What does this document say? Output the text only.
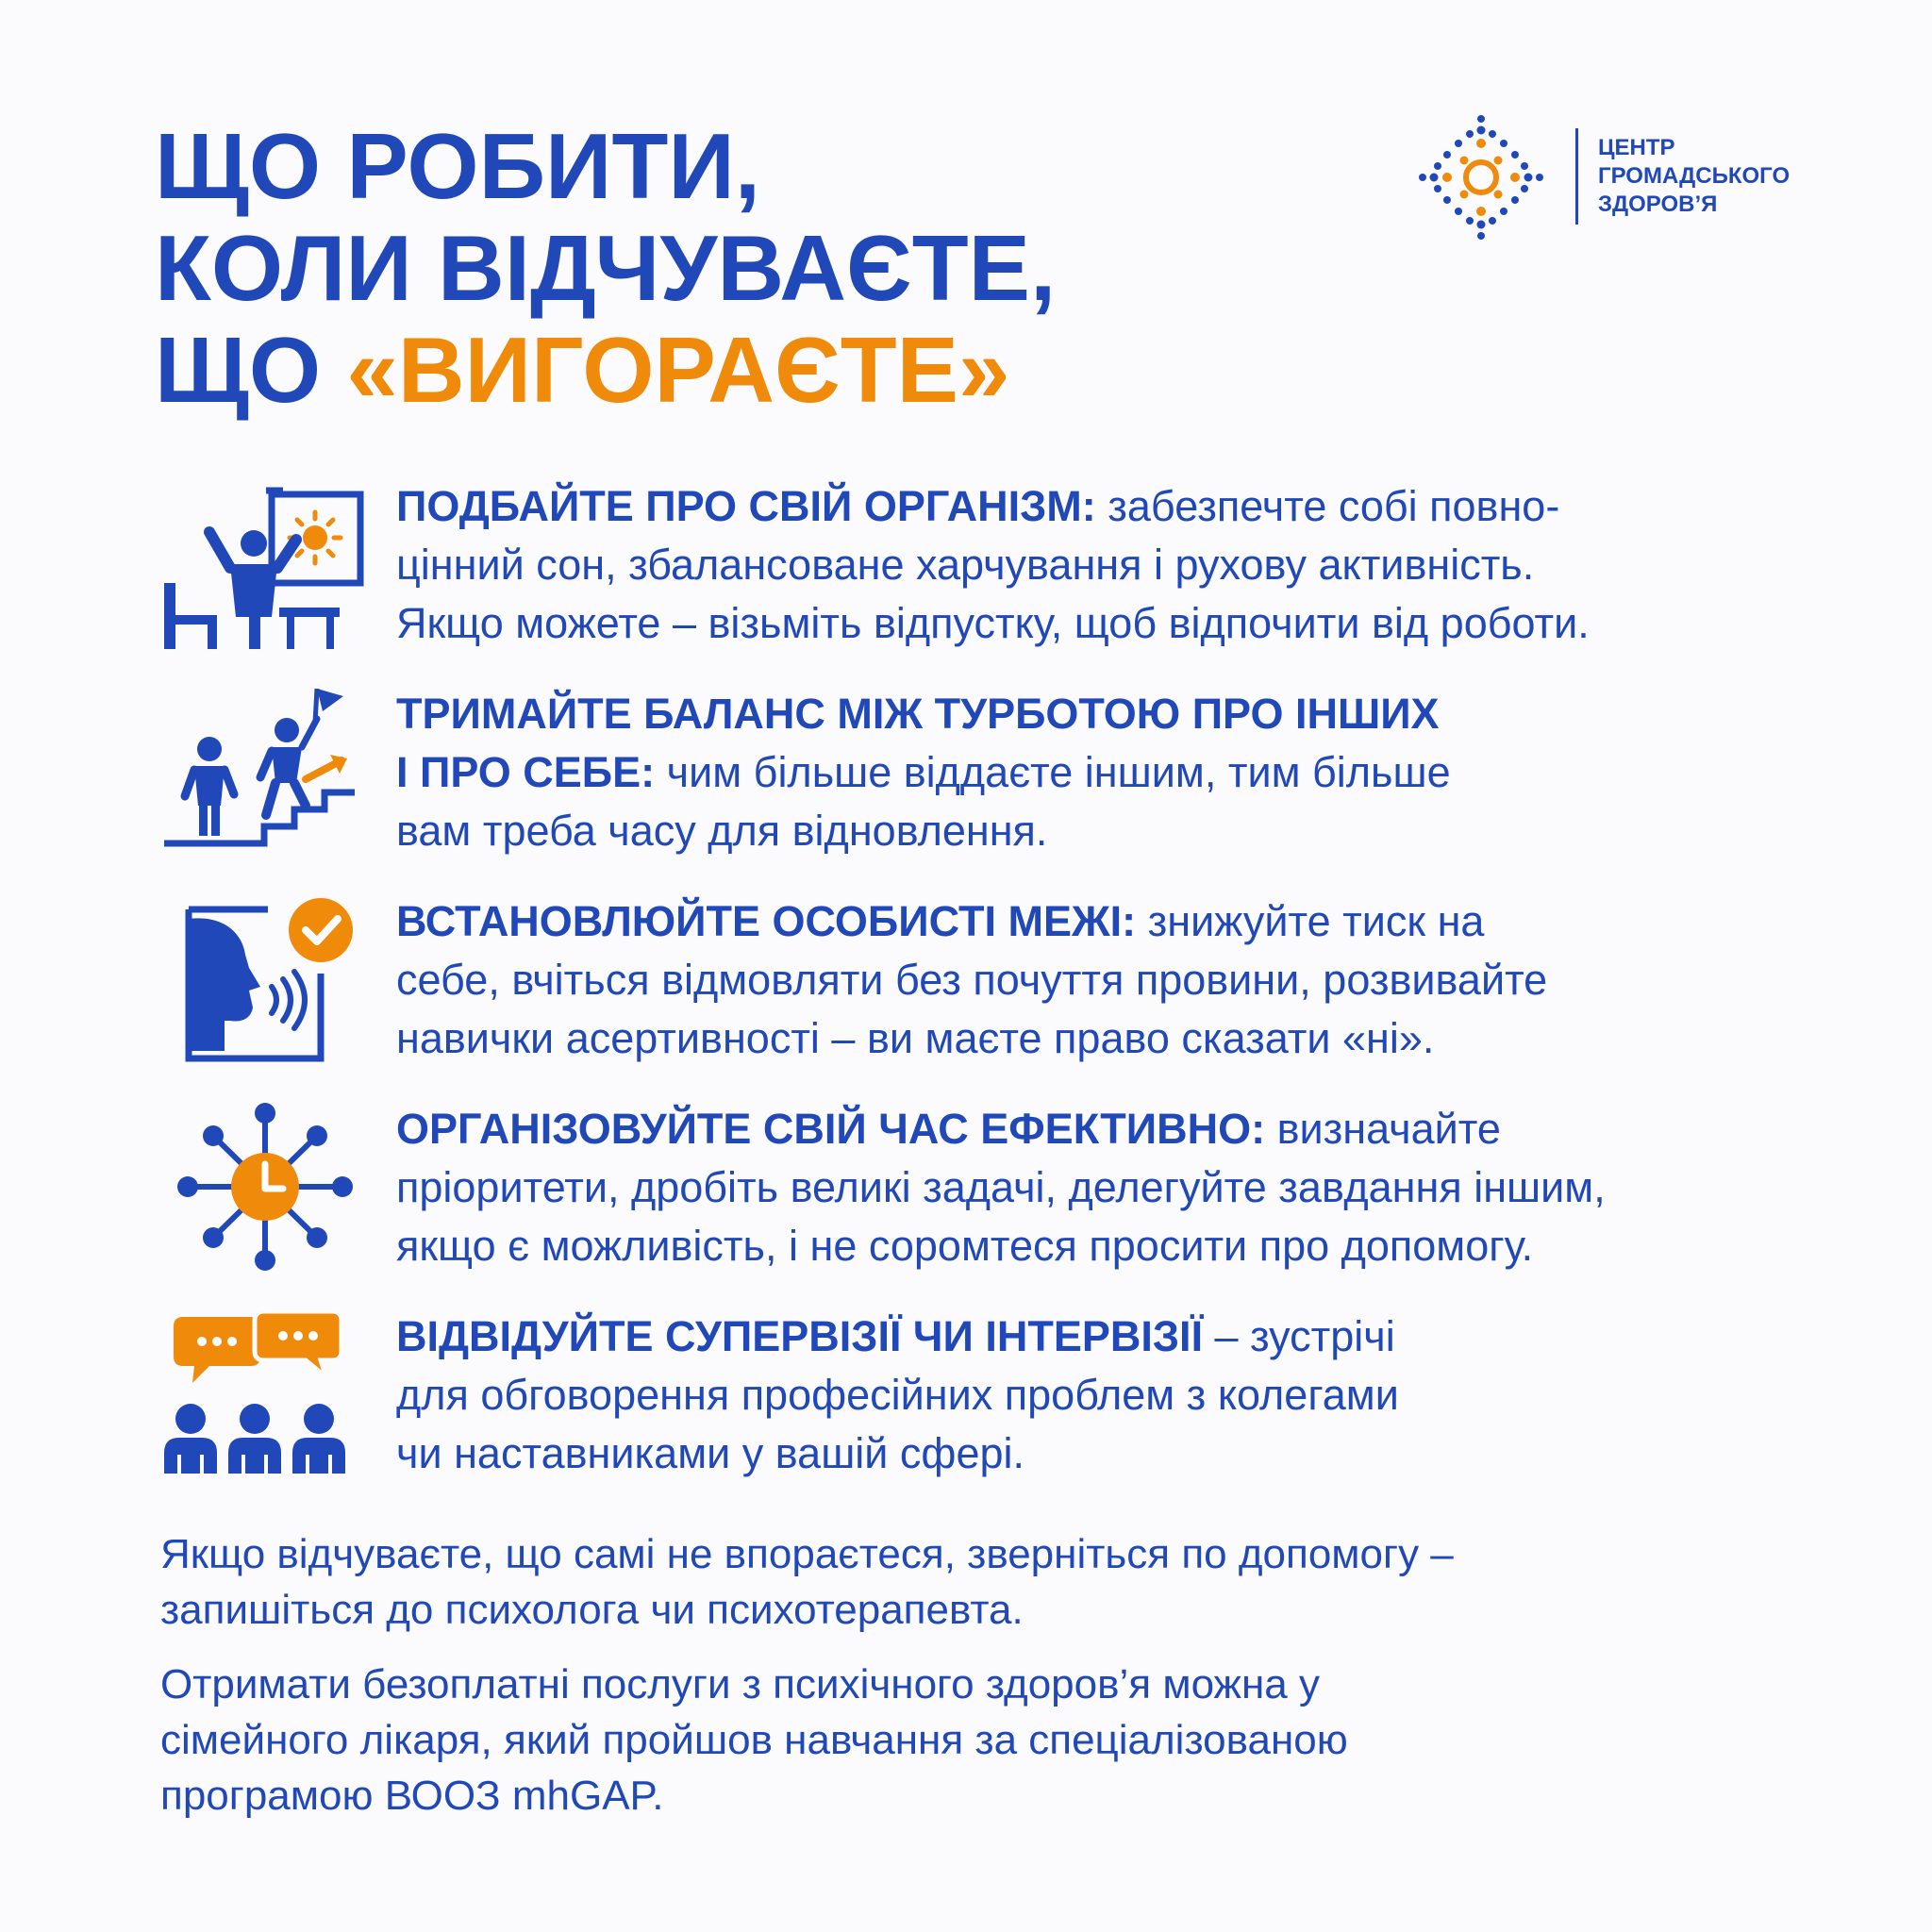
ЩО РОБИТИ,
КОЛИ ВІДЧУВАЄТЕ,
ЩО «ВИГОРАЄТЕ»
ЦЕНТР
ГРОМАДСЬКОГО
ЗДОРОВ’Я
ПОДБАЙТЕ ПРО СВІЙ ОРГАНІЗМ: забезпечте собі повно-
цінний сон, збалансоване харчування і рухову активність.
Якщо можете – візьміть відпустку, щоб відпочити від роботи.
ТРИМАЙТЕ БАЛАНС МІЖ ТУРБОТОЮ ПРО ІНШИХ
І ПРО СЕБЕ: чим більше віддаєте іншим, тим більше
вам треба часу для відновлення.
ВСТАНОВЛЮЙТЕ ОСОБИСТІ МЕЖІ: знижуйте тиск на
себе, вчіться відмовляти без почуття провини, розвивайте
навички асертивності – ви маєте право сказати «ні».
ОРГАНІЗОВУЙТЕ СВІЙ ЧАС ЕФЕКТИВНО: визначайте
пріоритети, дробіть великі задачі, делегуйте завдання іншим,
якщо є можливість, і не соромтеся просити про допомогу.
ВІДВІДУЙТЕ СУПЕРВІЗІЇ ЧИ ІНТЕРВІЗІЇ – зустрічі
для обговорення професійних проблем з колегами
чи наставниками у вашій сфері.
Якщо відчуваєте, що самі не впораєтеся, зверніться по допомогу –
запишіться до психолога чи психотерапевта.
Отримати безоплатні послуги з психічного здоров’я можна у
сімейного лікаря, який пройшов навчання за спеціалізованою
програмою ВООЗ mhGAP.
